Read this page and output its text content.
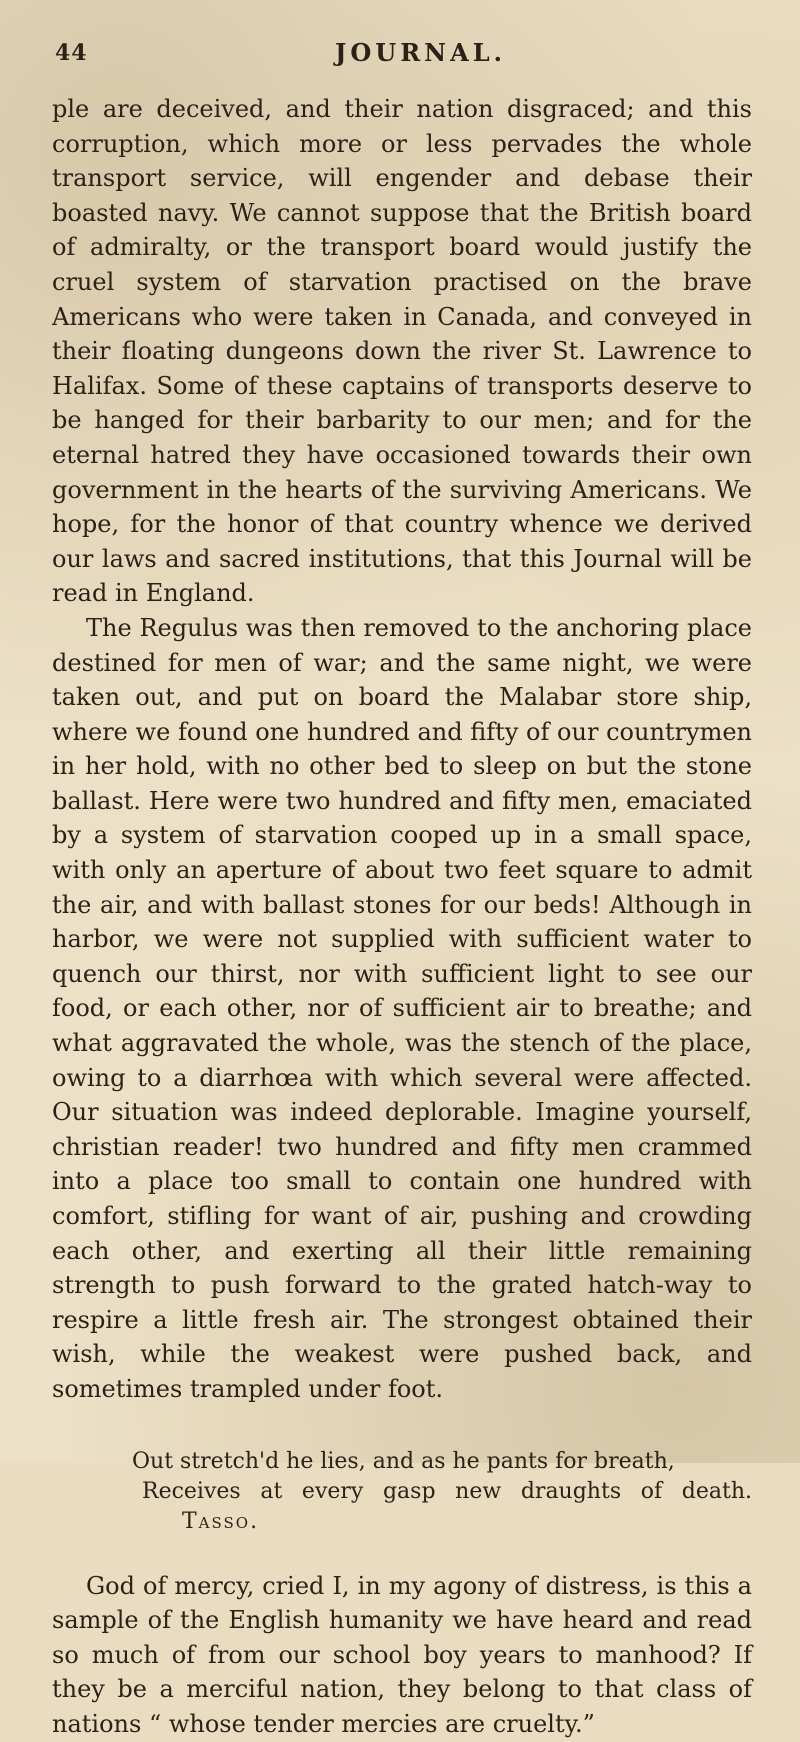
44	JOURNAL.

ple are deceived, and their nation disgraced; and this corruption, which more or less pervades the whole transport service, will engender and debase their boasted navy. We cannot suppose that the British board of admiralty, or the transport board would justify the cruel system of starvation practised on the brave Americans who were taken in Canada, and conveyed in their floating dungeons down the river St. Lawrence to Halifax. Some of these captains of transports deserve to be hanged for their barbarity to our men; and for the eternal hatred they have occasioned towards their own government in the hearts of the surviving Americans. We hope, for the honor of that country whence we derived our laws and sacred institutions, that this Journal will be read in England.

The Regulus was then removed to the anchoring place destined for men of war; and the same night, we were taken out, and put on board the Malabar store ship, where we found one hundred and fifty of our countrymen in her hold, with no other bed to sleep on but the stone ballast. Here were two hundred and fifty men, emaciated by a system of starvation cooped up in a small space, with only an aperture of about two feet square to admit the air, and with ballast stones for our beds! Although in harbor, we were not supplied with sufficient water to quench our thirst, nor with sufficient light to see our food, or each other, nor of sufficient air to breathe; and what aggravated the whole, was the stench of the place, owing to a diarrhœa with which several were affected. Our situation was indeed deplorable. Imagine yourself, christian reader! two hundred and fifty men crammed into a place too small to contain one hundred with comfort, stifling for want of air, pushing and crowding each other, and exerting all their little remaining strength to push forward to the grated hatch-way to respire a little fresh air. The strongest obtained their wish, while the weakest were pushed back, and sometimes trampled under foot.

Out stretch'd he lies, and as he pants for breath,
Receives at every gasp new draughts of death.Tasso.

God of mercy, cried I, in my agony of distress, is this a sample of the English humanity we have heard and read so much of from our school boy years to manhood? If they be a merciful nation, they belong to that class of nations “ whose tender mercies are cruelty.”
